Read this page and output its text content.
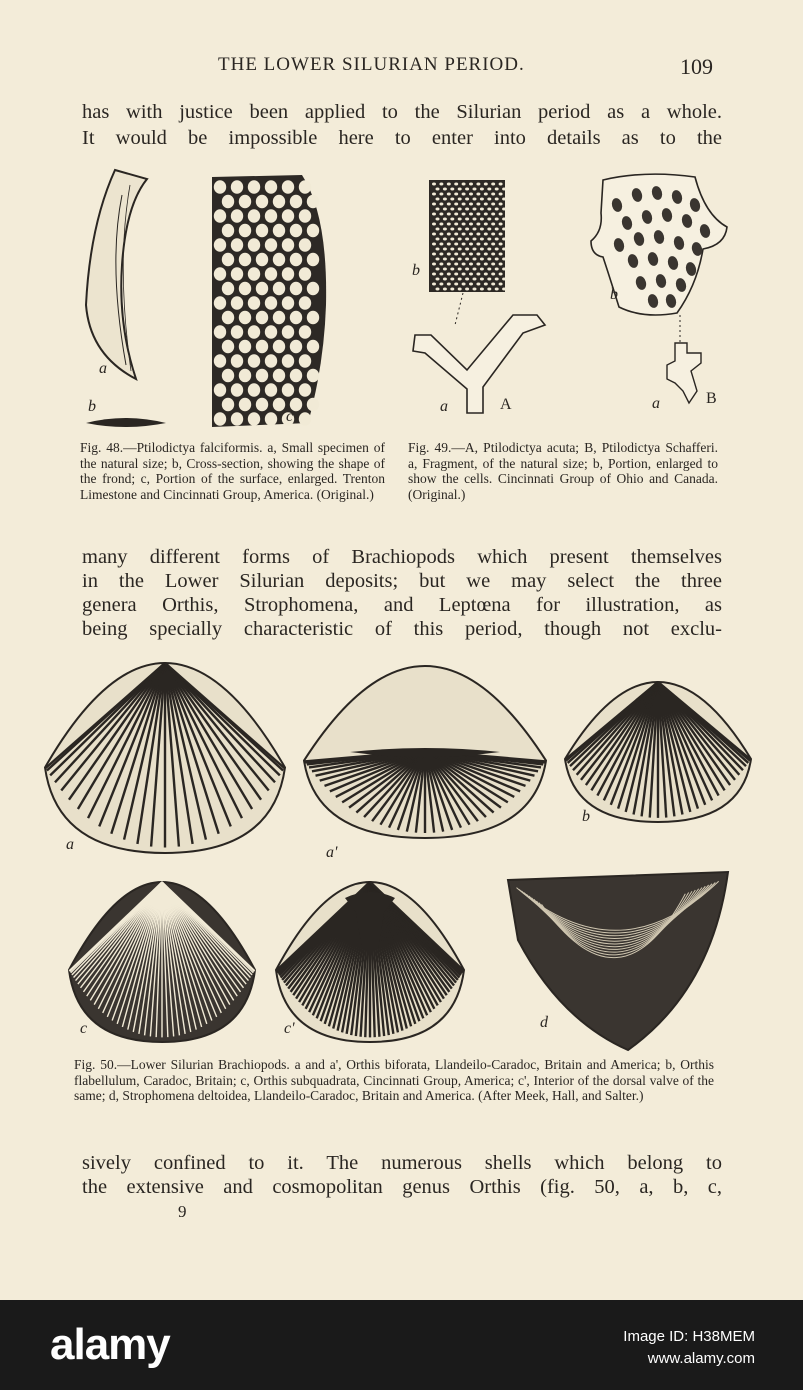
THE LOWER SILURIAN PERIOD.	109
has with justice been applied to the Silurian period as a whole.
It would be impossible here to enter into details as to the
a
b
c
b
a	A
b
a	B
Fig. 48.—Ptilodictya falciformis. a, Small specimen of the natural size; b, Cross-section, showing the shape of the frond; c, Portion of the surface, enlarged. Trenton Limestone and Cincinnati Group, America. (Original.)
Fig. 49.—A, Ptilodictya acuta; B, Ptilodictya Schafferi. a, Fragment, of the natural size; b, Portion, enlarged to show the cells. Cincinnati Group of Ohio and Canada. (Original.)
many different forms of Brachiopods which present themselves
in the Lower Silurian deposits; but we may select the three
genera Orthis, Strophomena, and Leptœna for illustration, as
being specially characteristic of this period, though not exclu-
a	a'
b
c	c'	d
Fig. 50.—Lower Silurian Brachiopods. a and a', Orthis biforata, Llandeilo-Caradoc, Britain and America; b, Orthis flabellulum, Caradoc, Britain; c, Orthis subquadrata, Cincinnati Group, America; c', Interior of the dorsal valve of the same; d, Strophomena deltoidea, Llandeilo-Caradoc, Britain and America. (After Meek, Hall, and Salter.)
sively confined to it. The numerous shells which belong to
the extensive and cosmopolitan genus Orthis (fig. 50, a, b, c,
9
alamy	Image ID: H38MEM
www.alamy.com
